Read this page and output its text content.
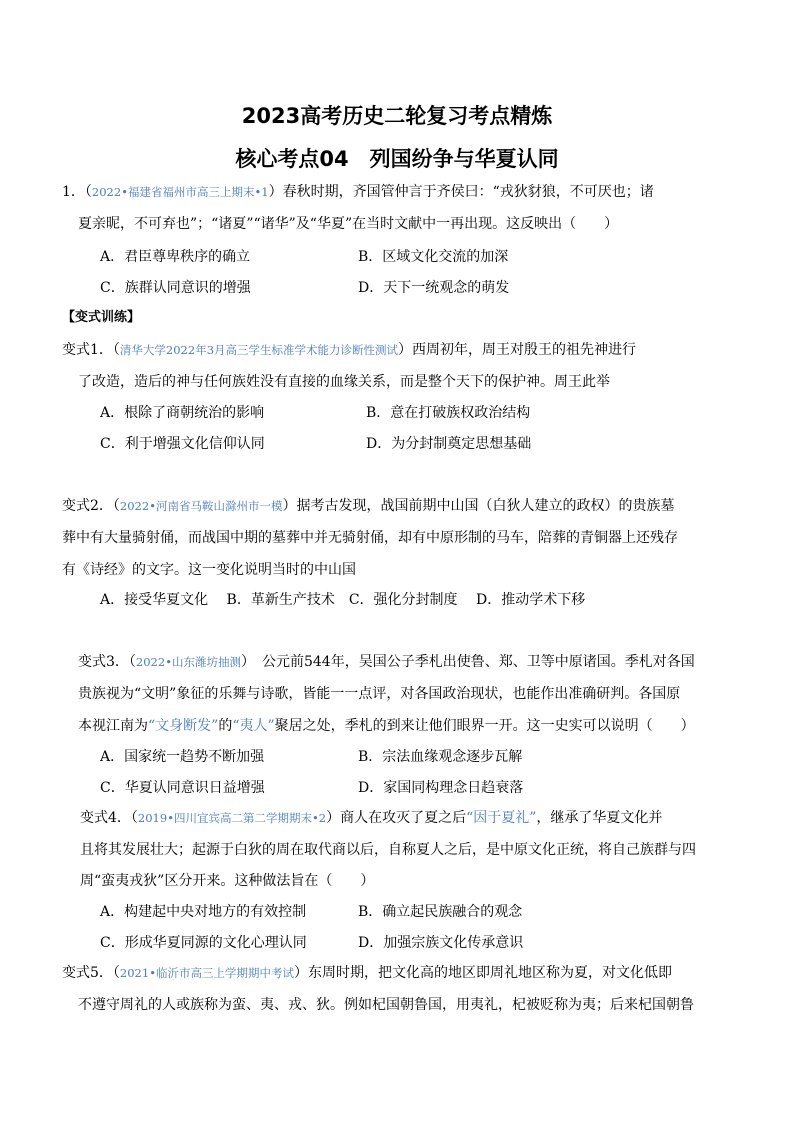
2023高考历史二轮复习考点精炼
核心考点04　列国纷争与华夏认同
1．（2022•福建省福州市高三上期末•1）春秋时期，齐国管仲言于齐侯曰：“戎狄豺狼，不可厌也；诸
夏亲昵，不可弃也”；“诸夏”“诸华”及“华夏”在当时文献中一再出现。这反映出（　　）
A．君臣尊卑秩序的确立	B．区域文化交流的加深
C．族群认同意识的增强	D．天下一统观念的萌发
【变式训练】
变式1．（清华大学2022年3月高三学生标准学术能力诊断性测试）西周初年，周王对殷王的祖先神进行
了改造，造后的神与任何族姓没有直接的血缘关系，而是整个天下的保护神。周王此举
A．根除了商朝统治的影响	B．意在打破族权政治结构
C．利于增强文化信仰认同	D．为分封制奠定思想基础
变式2．（2022•河南省马鞍山滁州市一模）据考古发现，战国前期中山国（白狄人建立的政权）的贵族墓
葬中有大量骑射俑，而战国中期的墓葬中并无骑射俑，却有中原形制的马车，陪葬的青铜器上还残存
有《诗经》的文字。这一变化说明当时的中山国
A．接受华夏文化　 B．革新生产技术　C．强化分封制度　 D．推动学术下移
变式3．（2022•山东潍坊抽测）　公元前544年，吴国公子季札出使鲁、郑、卫等中原诸国。季札对各国
贵族视为“文明”象征的乐舞与诗歌，皆能一一点评，对各国政治现状，也能作出准确研判。各国原
本视江南为“文身断发”的“夷人”聚居之处，季札的到来让他们眼界一开。这一史实可以说明（　　）
A．国家统一趋势不断加强	B．宗法血缘观念逐步瓦解
C．华夏认同意识日益增强	D．家国同构理念日趋衰落
变式4．（2019•四川宜宾高二第二学期期末•2）商人在攻灭了夏之后“因于夏礼”，继承了华夏文化并
且将其发展壮大；起源于白狄的周在取代商以后，自称夏人之后，是中原文化正统，将自己族群与四
周“蛮夷戎狄”区分开来。这种做法旨在（　　）
A．构建起中央对地方的有效控制	B．确立起民族融合的观念
C．形成华夏同源的文化心理认同	D．加强宗族文化传承意识
变式5．（2021•临沂市高三上学期期中考试）东周时期，把文化高的地区即周礼地区称为夏，对文化低即
不遵守周礼的人或族称为蛮、夷、戎、狄。例如杞国朝鲁国，用夷礼，杞被贬称为夷；后来杞国朝鲁
